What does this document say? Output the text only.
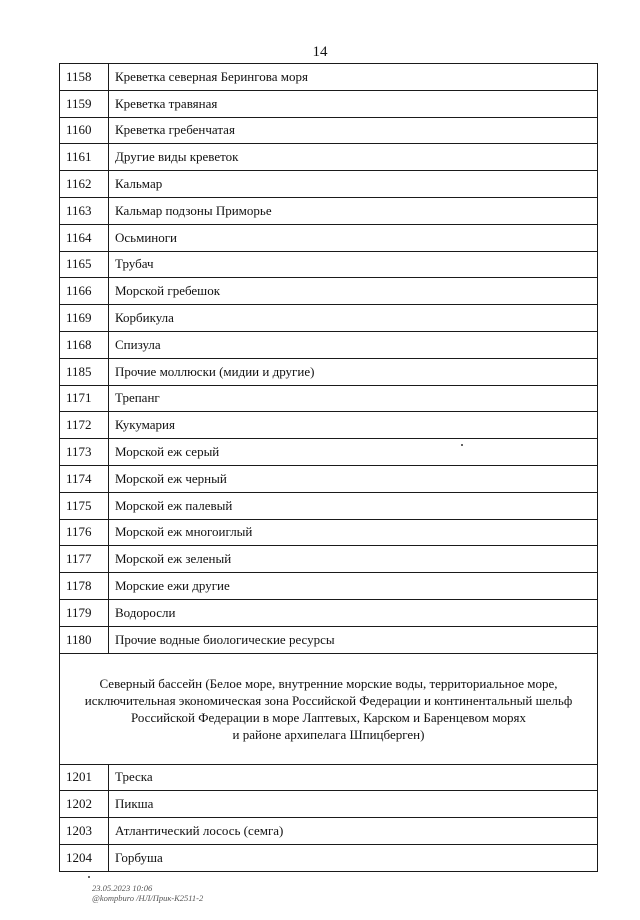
14
1158	Креветка северная Берингова моря
1159	Креветка травяная
1160	Креветка гребенчатая
1161	Другие виды креветок
1162	Кальмар
1163	Кальмар подзоны Приморье
1164	Осьминоги
1165	Трубач
1166	Морской гребешок
1169	Корбикула
1168	Спизула
1185	Прочие моллюски (мидии и другие)
1171	Трепанг
1172	Кукумария
1173	Морской еж серый
1174	Морской еж черный
1175	Морской еж палевый
1176	Морской еж многоиглый
1177	Морской еж зеленый
1178	Морские ежи другие
1179	Водоросли
1180	Прочие водные биологические ресурсы

Северный бассейн (Белое море, внутренние морские воды, территориальное море,
исключительная экономическая зона Российской Федерации и континентальный шельф
Российской Федерации в море Лаптевых, Карском и Баренцевом морях
и районе архипелага Шпицберген)	

1201	Треска
1202	Пикша
1203	Атлантический лосось (семга)
1204	Горбуша
23.05.2023 10:06
@kompburo /НЛ/Прик-К2511-2
